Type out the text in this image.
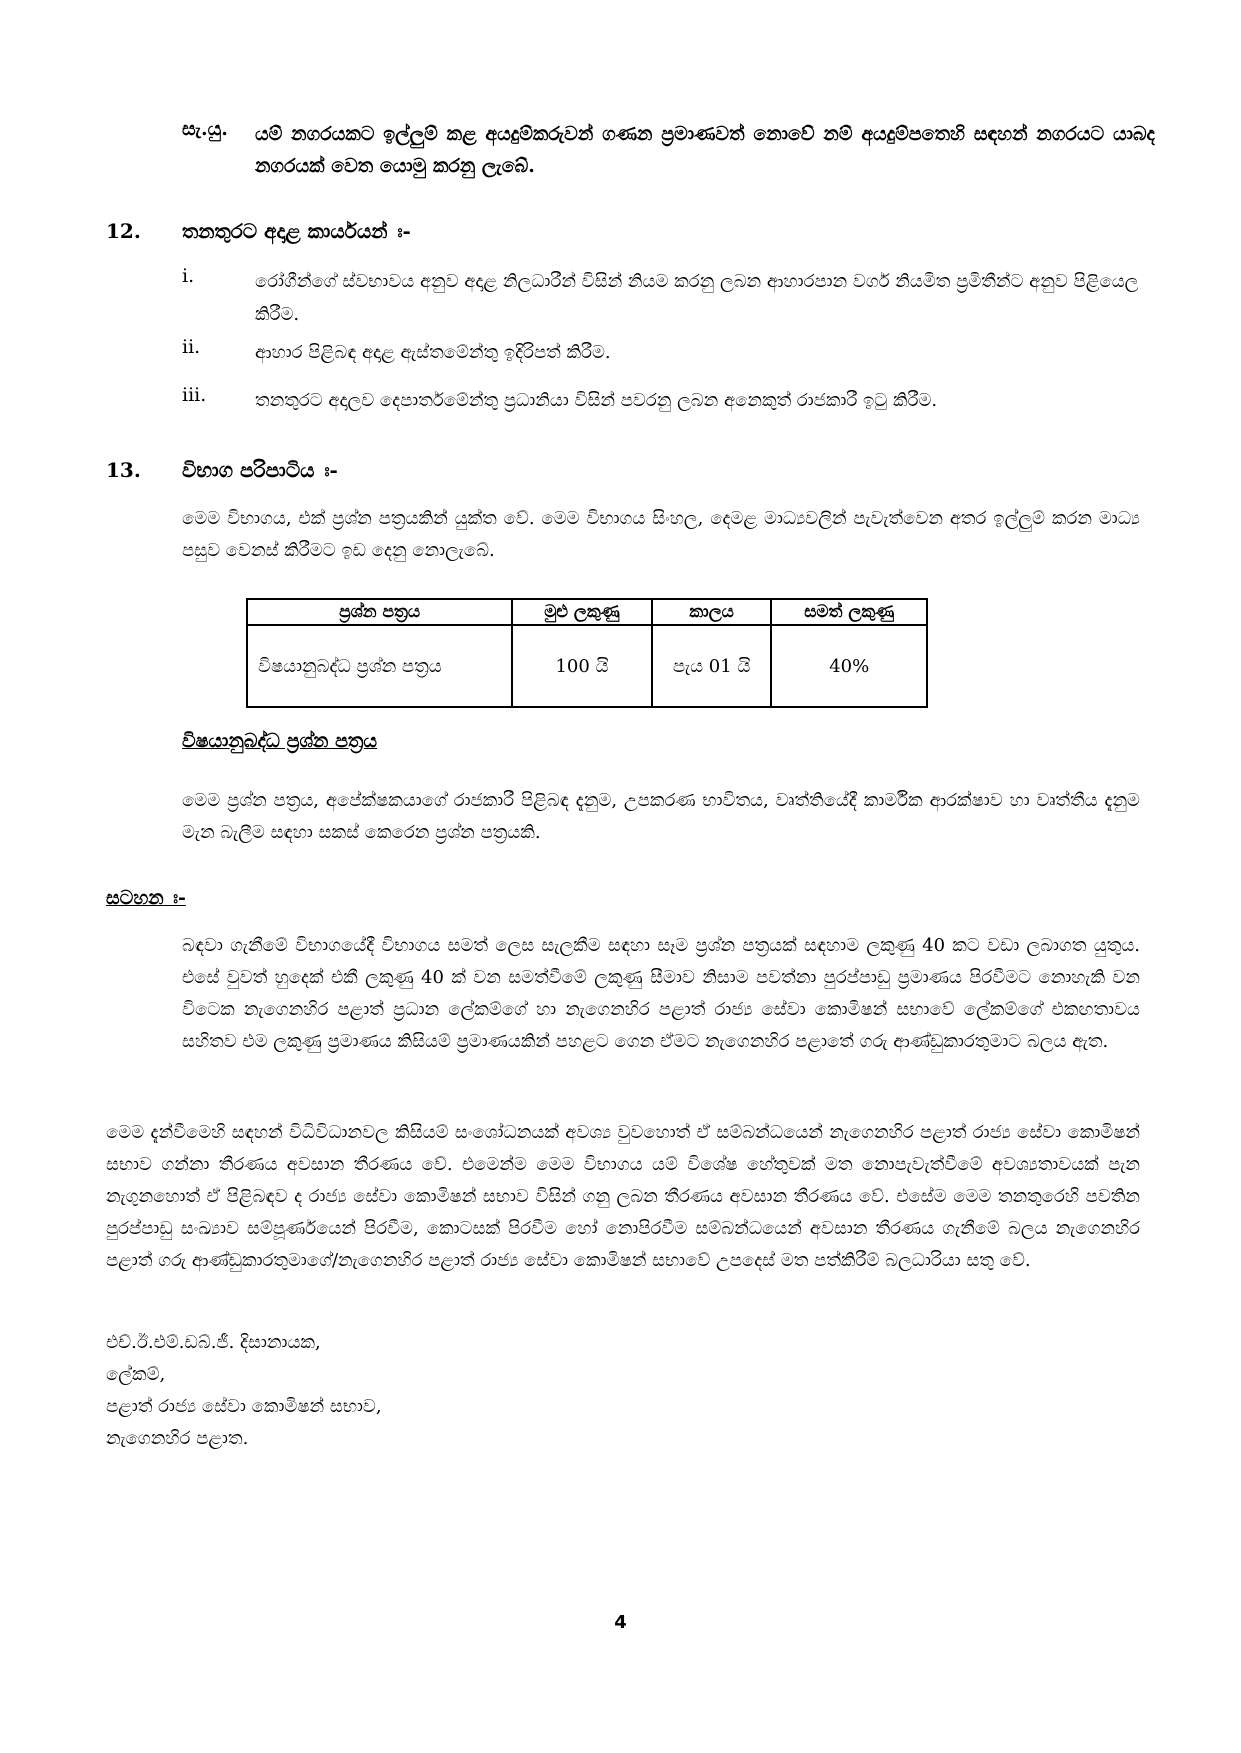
සැ.යු. යම් නගරයකට ඉල්ලුම් කළ අයදුම්කරුවන් ගණන ප්‍රමාණවත් නොවේ නම් අයදුම්පතෙහි සඳහන් නගරයට යාබද නගරයක් වෙත යොමු කරනු ලැබේ.
12. තනතුරට අදාළ කාර්යයන් ඃ-
i.	රෝගීන්ගේ ස්වභාවය අනුව අදාළ නිලධාරීන් විසින් නියම කරනු ලබන ආහාරපාන වර්ග නියමිත ප්‍රමිතීන්ට අනුව පිළියෙල කිරීම.
ii.	ආහාර පිළිබඳ අදාළ ඇස්තමේන්තු ඉදිරිපත් කිරීම.
iii.	තනතුරට අදාලව දෙපාර්තමේන්තු ප්‍රධානියා විසින් පවරනු ලබන අනෙකුත් රාජකාරී ඉටු කිරීම.
13. විභාග පරිපාටිය ඃ-
මෙම විභාගය, එක් ප්‍රශ්න පත්‍රයකින් යුක්ත වේ. මෙම විභාගය සිංහල, දෙමළ මාධ්‍යවලින් පැවැත්වෙන අතර ඉල්ලුම් කරන මාධ්‍ය පසුව වෙනස් කිරීමට ඉඩ දෙනු නොලැබේ.
ප්‍රශ්න පත්‍රය	මුළු ලකුණු	කාලය	සමත් ලකුණු
විෂයානුබද්ධ ප්‍රශ්න පත්‍රය	100 යි	පැය 01 යි	40%
විෂයානුබද්ධ ප්‍රශ්න පත්‍රය
මෙම ප්‍රශ්න පත්‍රය, අපේක්ෂකයාගේ රාජකාරී පිළිබඳ දැනුම, උපකරණ භාවිතය, වෘත්තියේදී කාර්මික ආරක්ෂාව හා වෘත්තීය දැනුම මැන බැලීම සඳහා සකස් කෙරෙන ප්‍රශ්න පත්‍රයකි.
සටහන ඃ-
බඳවා ගැනීමේ විභාගයේදී විභාගය සමත් ලෙස සැලකීම සඳහා සෑම ප්‍රශ්න පත්‍රයක් සඳහාම ලකුණු 40 කට වඩා ලබාගත යුතුය. එසේ වුවත් හුදෙක් එකී ලකුණු 40 ක් වන සමත්වීමේ ලකුණු සීමාව නිසාම පවත්නා පුරප්පාඩු ප්‍රමාණය පිරවීමට නොහැකි වන විටෙක නැගෙනහිර පළාත් ප්‍රධාන ලේකම්ගේ හා නැගෙනහිර පළාත් රාජ්‍ය සේවා කොමිෂන් සභාවේ ලේකම්ගේ එකඟතාවය සහිතව එම ලකුණු ප්‍රමාණය කිසියම් ප්‍රමාණයකින් පහළට ගෙන ඒමට නැගෙනහිර පළාතේ ගරු ආණ්ඩුකාරතුමාට බලය ඇත.
මෙම දැන්වීමෙහි සඳහන් විධිවිධානවල කිසියම් සංශෝධනයක් අවශ්‍ය වුවහොත් ඒ සම්බන්ධයෙන් නැගෙනහිර පළාත් රාජ්‍ය සේවා කොමිෂන් සභාව ගන්නා තීරණය අවසාන තීරණය වේ. එමෙන්ම මෙම විභාගය යම් විශේෂ හේතුවක් මත නොපැවැත්වීමේ අවශ්‍යතාවයක් පැන නැගුනහොත් ඒ පිළිබඳව ද රාජ්‍ය සේවා කොමිෂන් සභාව විසින් ගනු ලබන තීරණය අවසාන තීරණය වේ. එසේම මෙම තනතුරෙහි පවතින පුරප්පාඩු සංඛ්‍යාව සම්පූර්ණයෙන් පිරවීම, කොටසක් පිරවීම හෝ නොපිරවීම සම්බන්ධයෙන් අවසාන තීරණය ගැනීමේ බලය නැගෙනහිර පළාත් ගරු ආණ්ඩුකාරතුමාගේ/නැගෙනහිර පළාත් රාජ්‍ය සේවා කොමිෂන් සභාවේ උපදෙස් මත පත්කිරීම් බලධාරියා සතු වේ.
එච්.ඊ.එම්.ඩබ්.ජී. දිසානායක,
ලේකම්,
පළාත් රාජ්‍ය සේවා කොමිෂන් සභාව,
නැගෙනහිර පළාත.
4
